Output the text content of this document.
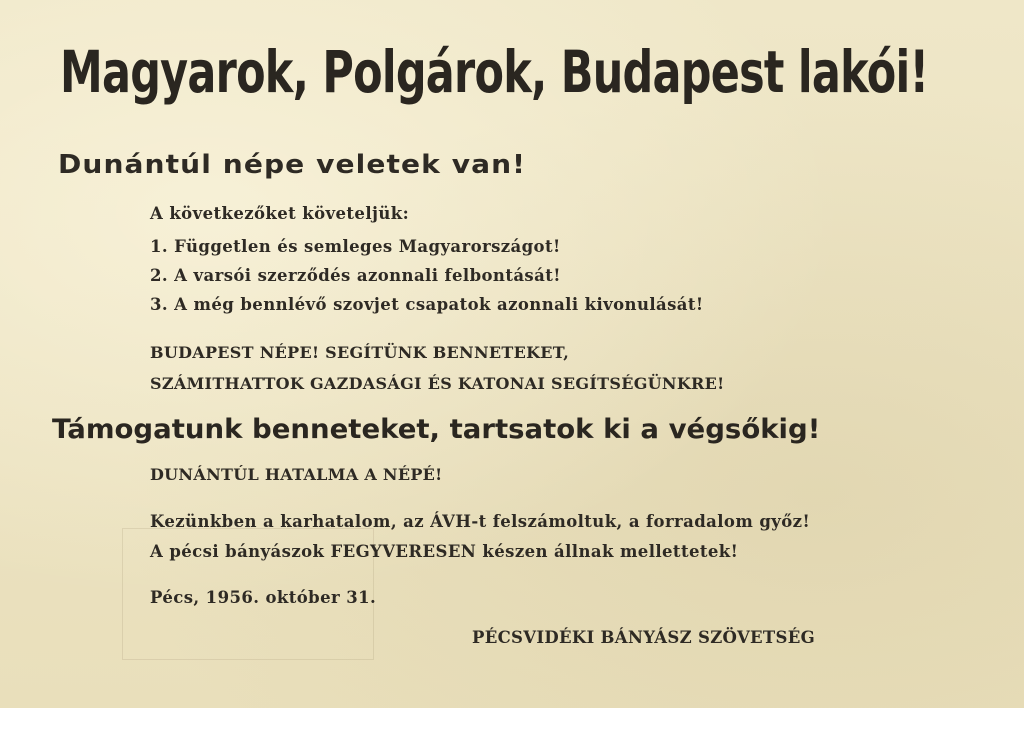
Magyarok, Polgárok, Budapest lakói!

Dunántúl népe veletek van!

A következőket követeljük:

1. Független és semleges Magyarországot!

2. A varsói szerződés azonnali felbontását!

3. A még bennlévő szovjet csapatok azonnali kivonulását!

BUDAPEST NÉPE! SEGÍTÜNK BENNETEKET,

SZÁMITHATTOK GAZDASÁGI ÉS KATONAI SEGÍTSÉGÜNKRE!

Támogatunk benneteket, tartsatok ki a végsőkig!

DUNÁNTÚL HATALMA A NÉPÉ!

Kezünkben a karhatalom, az ÁVH-t felszámoltuk, a forradalom győz!

A pécsi bányászok FEGYVERESEN készen állnak mellettetek!

Pécs, 1956. október 31.

PÉCSVIDÉKI BÁNYÁSZ SZÖVETSÉG
